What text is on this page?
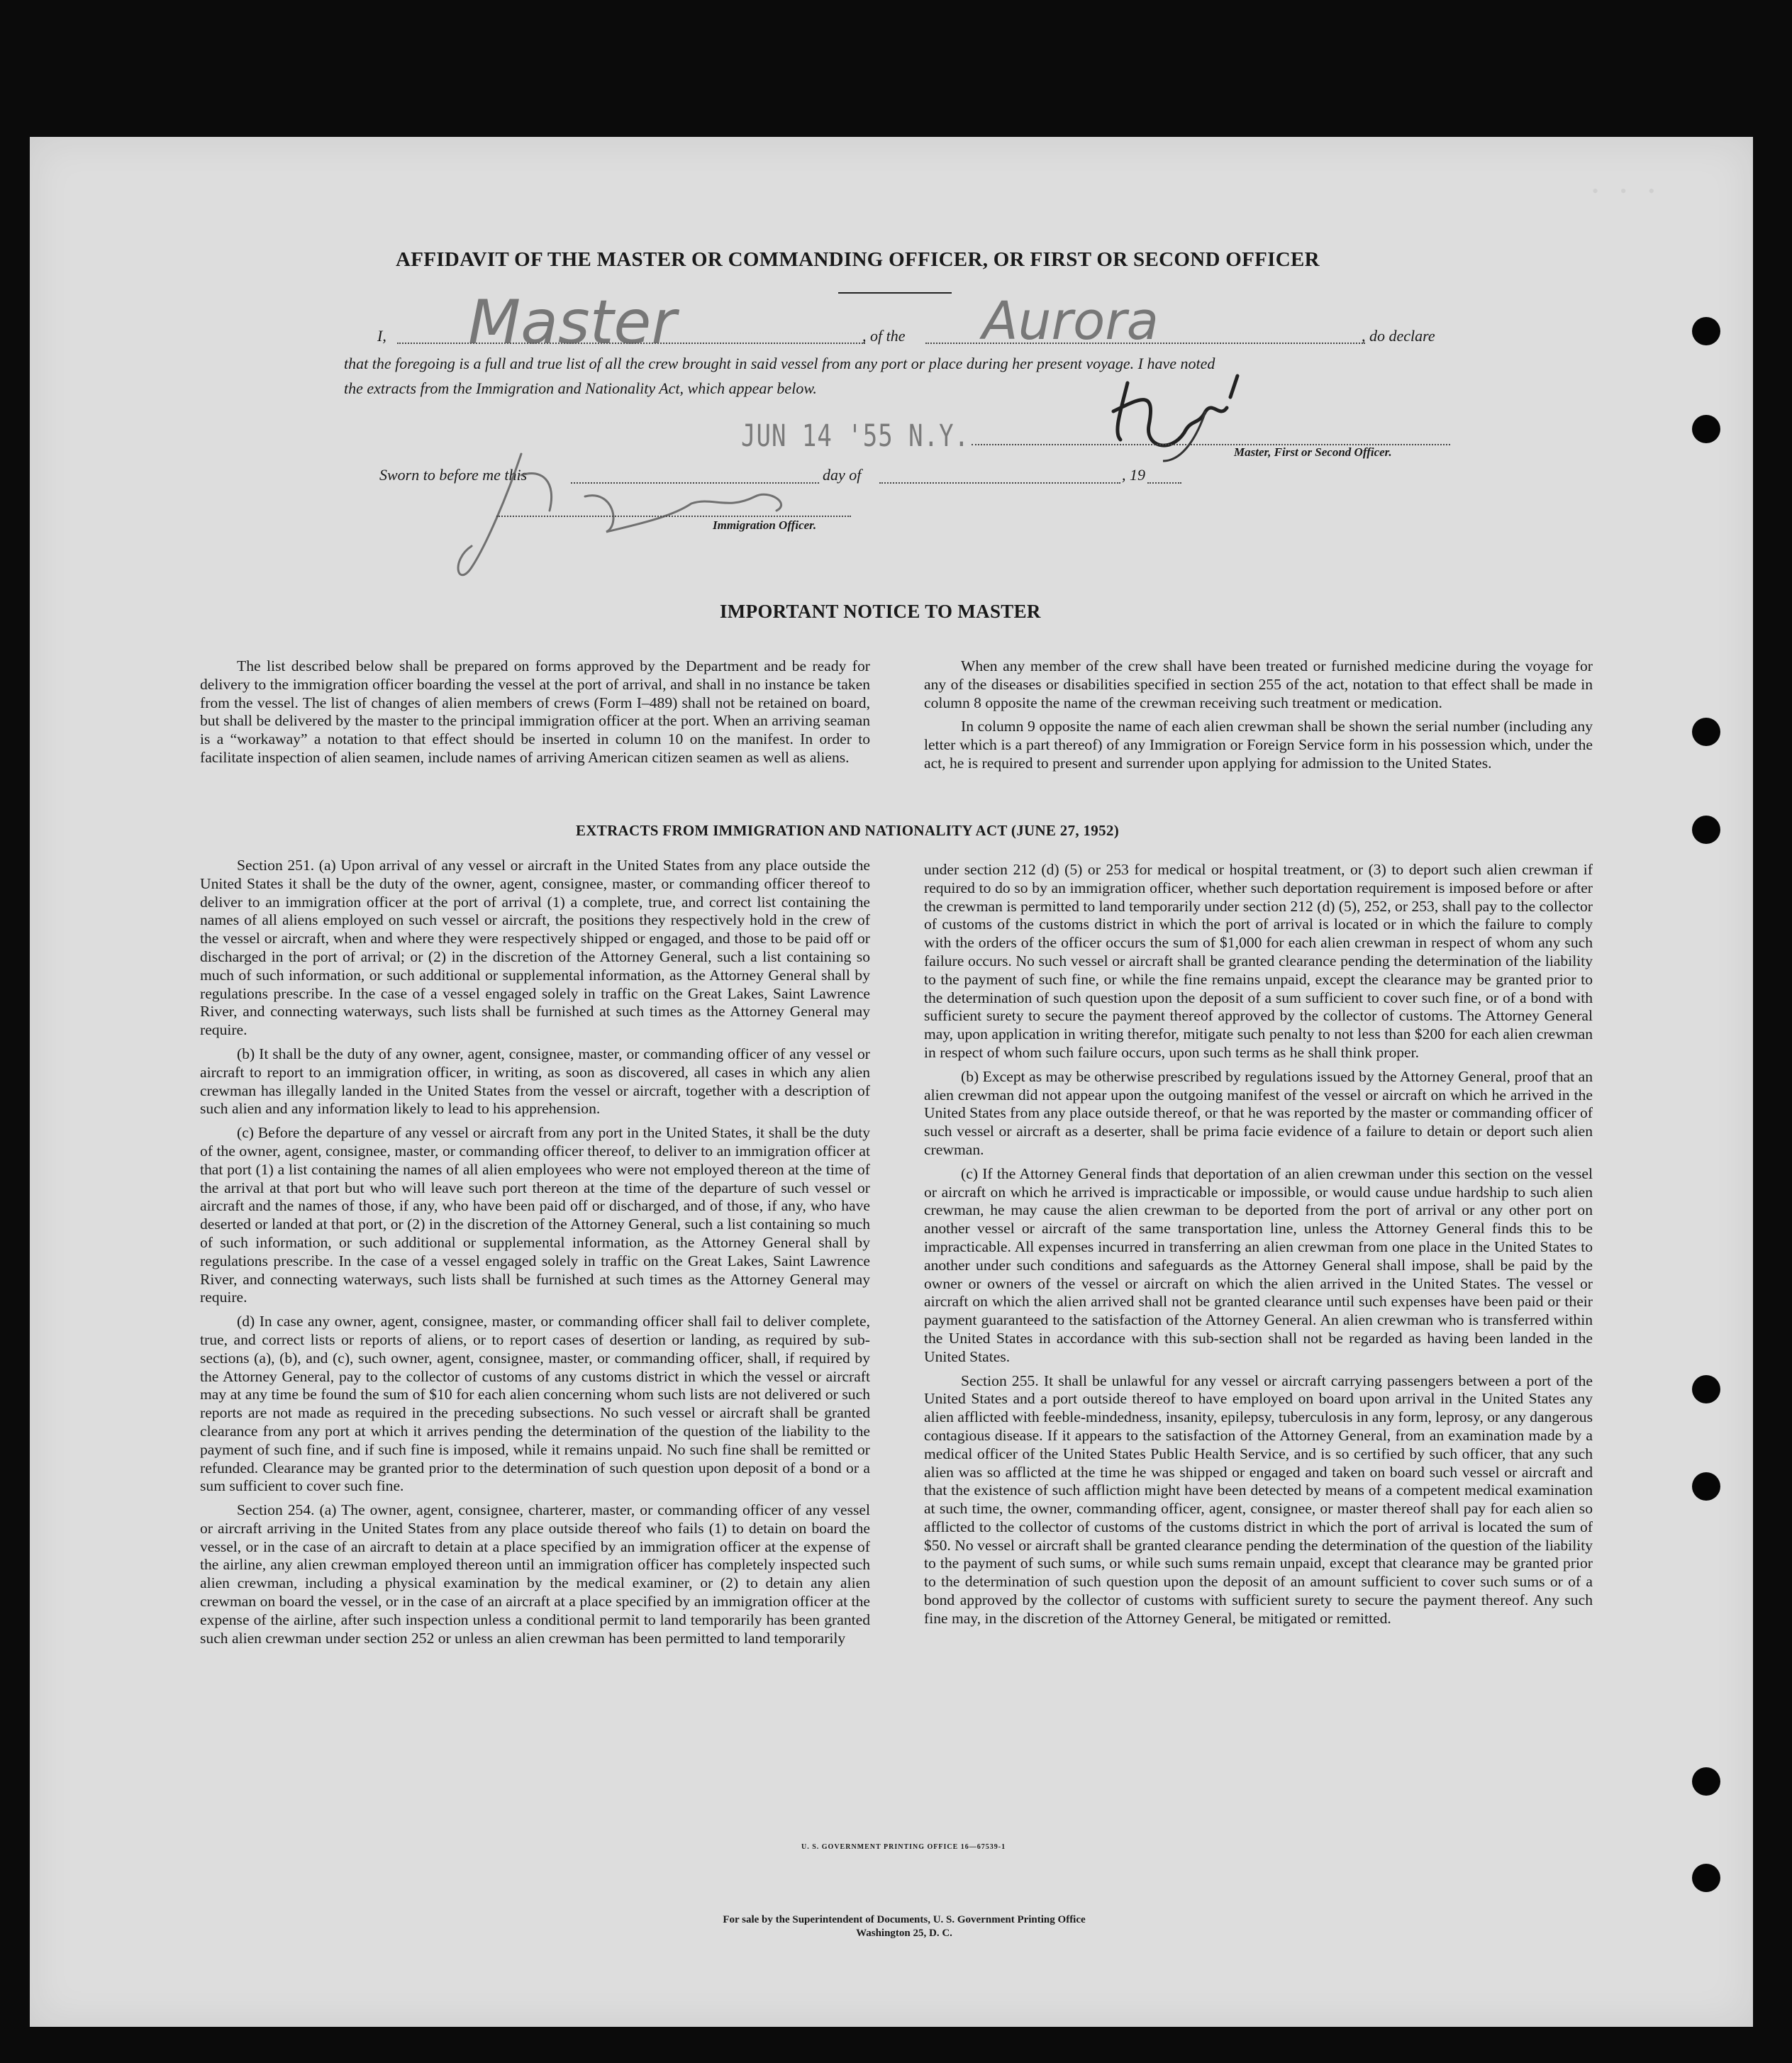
• • •
AFFIDAVIT OF THE MASTER OR COMMANDING OFFICER, OR FIRST OR SECOND OFFICER
I,	, of the	, do declare
Master	Aurora
that the foregoing is a full and true list of all the crew brought in said vessel from any port or place during her present voyage. I have noted
the extracts from the Immigration and Nationality Act, which appear below.
JUN 14 '55 N.Y.	Master, First or Second Officer.
Sworn to before me this	day of	, 19
Immigration Officer.
IMPORTANT NOTICE TO MASTER

The list described below shall be prepared on forms approved by the Department and be ready for delivery to the immigration officer boarding the vessel at the port of arrival, and shall in no instance be taken from the vessel. The list of changes of alien members of crews (Form I–489) shall not be retained on board, but shall be delivered by the master to the principal immigration officer at the port. When an arriving seaman is a “workaway” a notation to that effect should be inserted in column 10 on the manifest. In order to facilitate inspection of alien seamen, include names of arriving American citizen seamen as well as aliens.

When any member of the crew shall have been treated or furnished medicine during the voyage for any of the diseases or disabilities specified in section 255 of the act, notation to that effect shall be made in column 8 opposite the name of the crewman receiving such treatment or medication.

In column 9 opposite the name of each alien crewman shall be shown the serial number (including any letter which is a part thereof) of any Immigration or Foreign Service form in his possession which, under the act, he is required to present and surrender upon applying for admission to the United States.

EXTRACTS FROM IMMIGRATION AND NATIONALITY ACT (JUNE 27, 1952)

Section 251. (a) Upon arrival of any vessel or aircraft in the United States from any place outside the United States it shall be the duty of the owner, agent, consignee, master, or commanding officer thereof to deliver to an immigration officer at the port of arrival (1) a complete, true, and correct list containing the names of all aliens employed on such vessel or aircraft, the positions they respectively hold in the crew of the vessel or aircraft, when and where they were respectively shipped or engaged, and those to be paid off or discharged in the port of arrival; or (2) in the discretion of the Attorney General, such a list containing so much of such information, or such additional or supplemental information, as the Attorney General shall by regulations prescribe. In the case of a vessel engaged solely in traffic on the Great Lakes, Saint Lawrence River, and connecting waterways, such lists shall be furnished at such times as the Attorney General may require.

(b) It shall be the duty of any owner, agent, consignee, master, or commanding officer of any vessel or aircraft to report to an immigration officer, in writing, as soon as discovered, all cases in which any alien crewman has illegally landed in the United States from the vessel or aircraft, together with a description of such alien and any information likely to lead to his apprehension.

(c) Before the departure of any vessel or aircraft from any port in the United States, it shall be the duty of the owner, agent, consignee, master, or commanding officer thereof, to deliver to an immigration officer at that port (1) a list containing the names of all alien employees who were not employed thereon at the time of the arrival at that port but who will leave such port thereon at the time of the departure of such vessel or aircraft and the names of those, if any, who have been paid off or discharged, and of those, if any, who have deserted or landed at that port, or (2) in the discretion of the Attorney General, such a list containing so much of such information, or such additional or supplemental information, as the Attorney General shall by regulations prescribe. In the case of a vessel engaged solely in traffic on the Great Lakes, Saint Lawrence River, and connecting waterways, such lists shall be furnished at such times as the Attorney General may require.

(d) In case any owner, agent, consignee, master, or commanding officer shall fail to deliver complete, true, and correct lists or reports of aliens, or to report cases of desertion or landing, as required by sub-sections (a), (b), and (c), such owner, agent, consignee, master, or commanding officer, shall, if required by the Attorney General, pay to the collector of customs of any customs district in which the vessel or aircraft may at any time be found the sum of $10 for each alien concerning whom such lists are not delivered or such reports are not made as required in the preceding subsections. No such vessel or aircraft shall be granted clearance from any port at which it arrives pending the determination of the question of the liability to the payment of such fine, and if such fine is imposed, while it remains unpaid. No such fine shall be remitted or refunded. Clearance may be granted prior to the determination of such question upon deposit of a bond or a sum sufficient to cover such fine.

Section 254. (a) The owner, agent, consignee, charterer, master, or commanding officer of any vessel or aircraft arriving in the United States from any place outside thereof who fails (1) to detain on board the vessel, or in the case of an aircraft to detain at a place specified by an immigration officer at the expense of the airline, any alien crewman employed thereon until an immigration officer has completely inspected such alien crewman, including a physical examination by the medical examiner, or (2) to detain any alien crewman on board the vessel, or in the case of an aircraft at a place specified by an immigration officer at the expense of the airline, after such inspection unless a conditional permit to land temporarily has been granted such alien crewman under section 252 or unless an alien crewman has been permitted to land temporarily

under section 212 (d) (5) or 253 for medical or hospital treatment, or (3) to deport such alien crewman if required to do so by an immigration officer, whether such deportation requirement is imposed before or after the crewman is permitted to land temporarily under section 212 (d) (5), 252, or 253, shall pay to the collector of customs of the customs district in which the port of arrival is located or in which the failure to comply with the orders of the officer occurs the sum of $1,000 for each alien crewman in respect of whom any such failure occurs. No such vessel or aircraft shall be granted clearance pending the determination of the liability to the payment of such fine, or while the fine remains unpaid, except the clearance may be granted prior to the determination of such question upon the deposit of a sum sufficient to cover such fine, or of a bond with sufficient surety to secure the payment thereof approved by the collector of customs. The Attorney General may, upon application in writing therefor, mitigate such penalty to not less than $200 for each alien crewman in respect of whom such failure occurs, upon such terms as he shall think proper.

(b) Except as may be otherwise prescribed by regulations issued by the Attorney General, proof that an alien crewman did not appear upon the outgoing manifest of the vessel or aircraft on which he arrived in the United States from any place outside thereof, or that he was reported by the master or commanding officer of such vessel or aircraft as a deserter, shall be prima facie evidence of a failure to detain or deport such alien crewman.

(c) If the Attorney General finds that deportation of an alien crewman under this section on the vessel or aircraft on which he arrived is impracticable or impossible, or would cause undue hardship to such alien crewman, he may cause the alien crewman to be deported from the port of arrival or any other port on another vessel or aircraft of the same transportation line, unless the Attorney General finds this to be impracticable. All expenses incurred in transferring an alien crewman from one place in the United States to another under such conditions and safeguards as the Attorney General shall impose, shall be paid by the owner or owners of the vessel or aircraft on which the alien arrived in the United States. The vessel or aircraft on which the alien arrived shall not be granted clearance until such expenses have been paid or their payment guaranteed to the satisfaction of the Attorney General. An alien crewman who is transferred within the United States in accordance with this sub-section shall not be regarded as having been landed in the United States.

Section 255. It shall be unlawful for any vessel or aircraft carrying passengers between a port of the United States and a port outside thereof to have employed on board upon arrival in the United States any alien afflicted with feeble-mindedness, insanity, epilepsy, tuberculosis in any form, leprosy, or any dangerous contagious disease. If it appears to the satisfaction of the Attorney General, from an examination made by a medical officer of the United States Public Health Service, and is so certified by such officer, that any such alien was so afflicted at the time he was shipped or engaged and taken on board such vessel or aircraft and that the existence of such affliction might have been detected by means of a competent medical examination at such time, the owner, commanding officer, agent, consignee, or master thereof shall pay for each alien so afflicted to the collector of customs of the customs district in which the port of arrival is located the sum of $50. No vessel or aircraft shall be granted clearance pending the determination of the question of the liability to the payment of such sums, or while such sums remain unpaid, except that clearance may be granted prior to the determination of such question upon the deposit of an amount sufficient to cover such sums or of a bond approved by the collector of customs with sufficient surety to secure the payment thereof. Any such fine may, in the discretion of the Attorney General, be mitigated or remitted.

U. S. GOVERNMENT PRINTING OFFICE 16—67539-1
For sale by the Superintendent of Documents, U. S. Government Printing Office
Washington 25, D. C.
